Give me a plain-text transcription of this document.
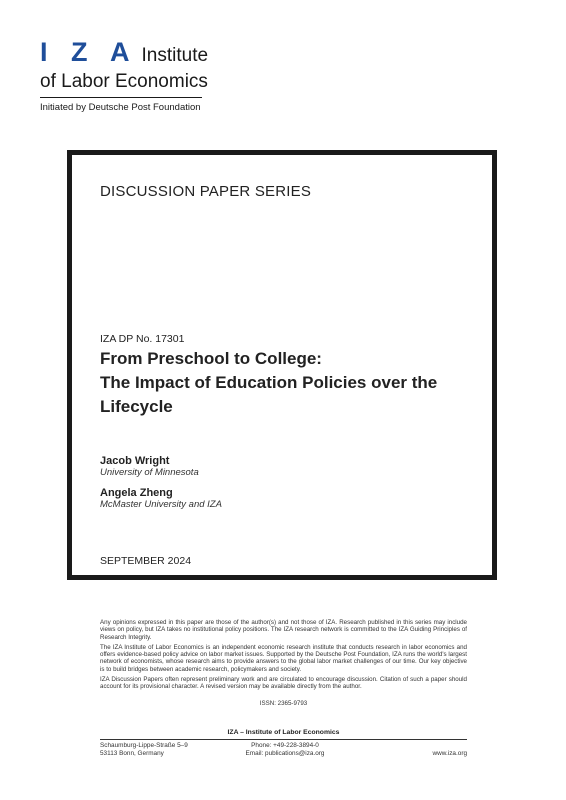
I Z A Institute
of Labor Economics
Initiated by Deutsche Post Foundation
DISCUSSION PAPER SERIES
IZA DP No. 17301
From Preschool to College:
The Impact of Education Policies over the
Lifecycle
Jacob Wright
University of Minnesota
Angela Zheng
McMaster University and IZA
SEPTEMBER 2024

Any opinions expressed in this paper are those of the author(s) and not those of IZA. Research published in this series may include views on policy, but IZA takes no institutional policy positions. The IZA research network is committed to the IZA Guiding Principles of Research Integrity.

The IZA Institute of Labor Economics is an independent economic research institute that conducts research in labor economics and offers evidence-based policy advice on labor market issues. Supported by the Deutsche Post Foundation, IZA runs the world's largest network of economists, whose research aims to provide answers to the global labor market challenges of our time. Our key objective is to build bridges between academic research, policymakers and society.

IZA Discussion Papers often represent preliminary work and are circulated to encourage discussion. Citation of such a paper should account for its provisional character. A revised version may be available directly from the author.

ISSN: 2365-9793
IZA – Institute of Labor Economics
Schaumburg-Lippe-Straße 5–9
53113 Bonn, Germany
Phone: +49-228-3894-0
Email: publications@iza.org	www.iza.org
